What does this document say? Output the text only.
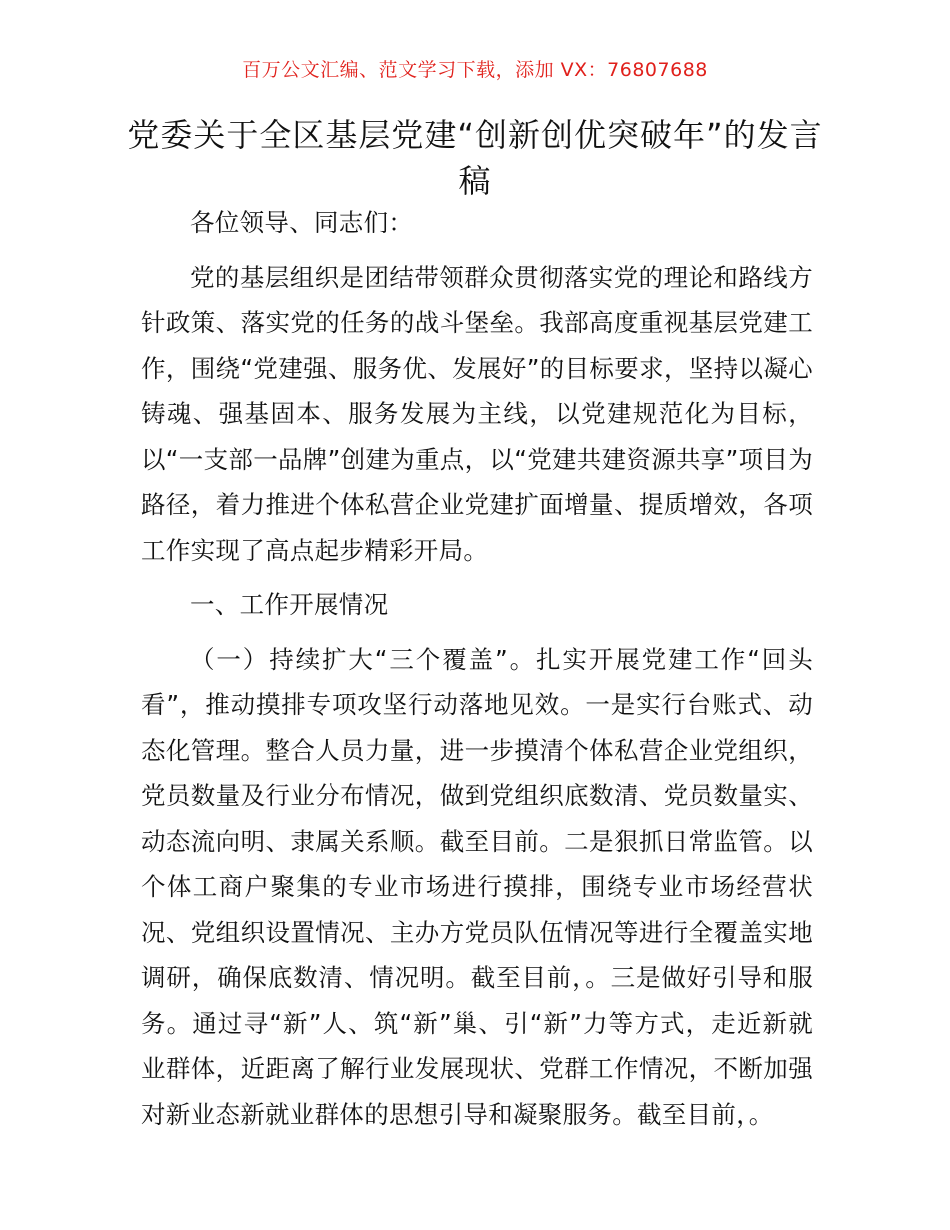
百万公文汇编、范文学习下载，添加 VX：76807688
党委关于全区基层党建“创新创优突破年”的发言稿

各位领导、同志们：

党的基层组织是团结带领群众贯彻落实党的理论和路线方针政策、落实党的任务的战斗堡垒。我部高度重视基层党建工作，围绕“党建强、服务优、发展好”的目标要求，坚持以凝心铸魂、强基固本、服务发展为主线，以党建规范化为目标，以“一支部一品牌”创建为重点，以“党建共建资源共享”项目为路径，着力推进个体私营企业党建扩面增量、提质增效，各项工作实现了高点起步精彩开局。

一、工作开展情况

（一）持续扩大“三个覆盖”。扎实开展党建工作“回头看”，推动摸排专项攻坚行动落地见效。一是实行台账式、动态化管理。整合人员力量，进一步摸清个体私营企业党组织，党员数量及行业分布情况，做到党组织底数清、党员数量实、动态流向明、隶属关系顺。截至目前。二是狠抓日常监管。以个体工商户聚集的专业市场进行摸排，围绕专业市场经营状况、党组织设置情况、主办方党员队伍情况等进行全覆盖实地调研，确保底数清、情况明。截至目前，。三是做好引导和服务。通过寻“新”人、筑“新”巢、引“新”力等方式，走近新就业群体，近距离了解行业发展现状、党群工作情况，不断加强对新业态新就业群体的思想引导和凝聚服务。截至目前，。
